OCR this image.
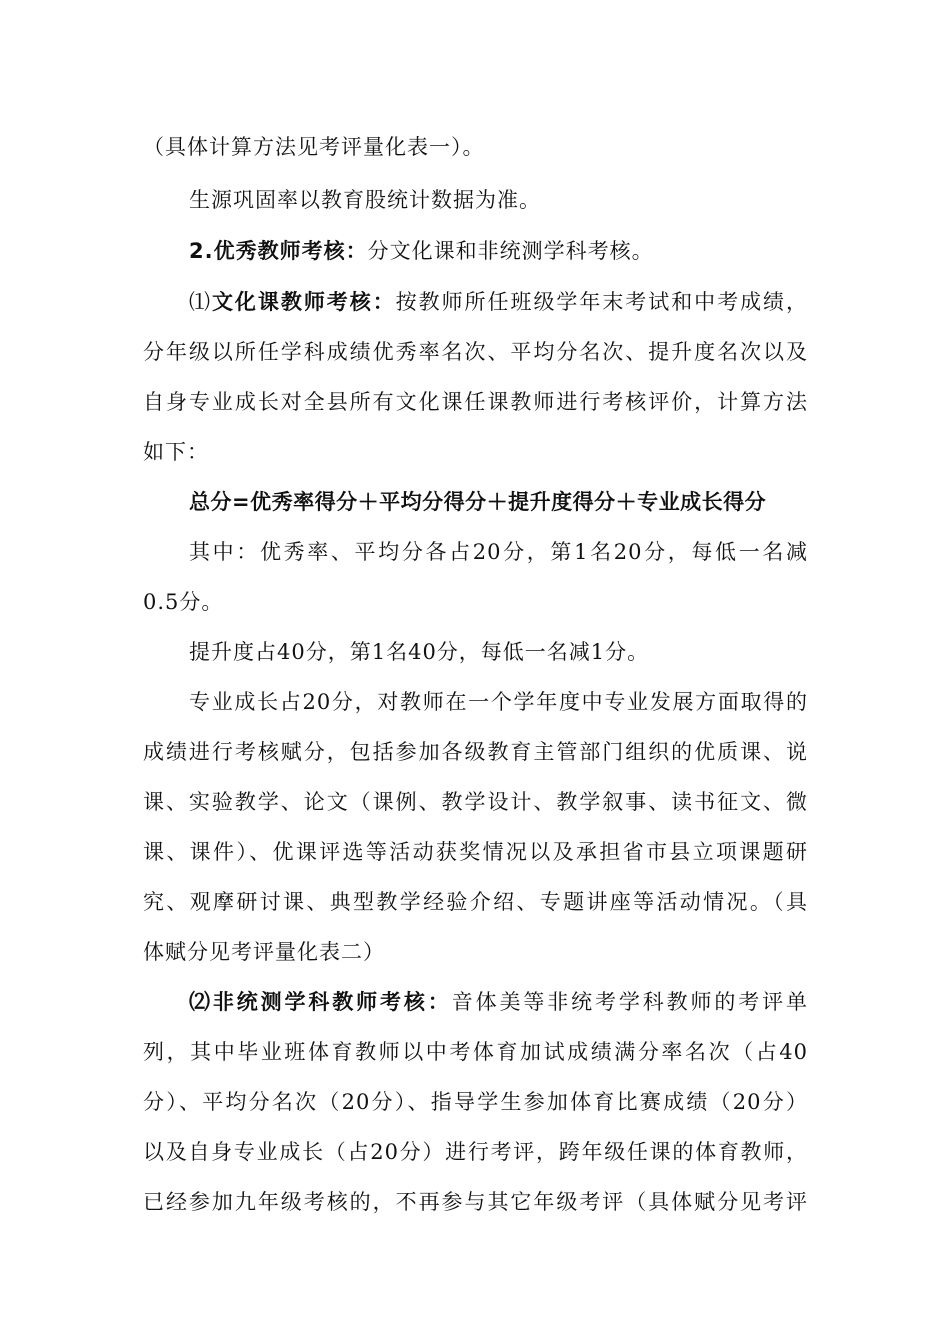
（具体计算方法见考评量化表一）。
生源巩固率以教育股统计数据为准。
2.优秀教师考核：分文化课和非统测学科考核。
⑴文化课教师考核：按教师所任班级学年末考试和中考成绩，
分年级以所任学科成绩优秀率名次、平均分名次、提升度名次以及
自身专业成长对全县所有文化课任课教师进行考核评价，计算方法
如下：
总分=优秀率得分＋平均分得分＋提升度得分＋专业成长得分
其中：优秀率、平均分各占20分，第1名20分，每低一名减
0.5分。
提升度占40分，第1名40分，每低一名减1分。
专业成长占20分，对教师在一个学年度中专业发展方面取得的
成绩进行考核赋分，包括参加各级教育主管部门组织的优质课、说
课、实验教学、论文（课例、教学设计、教学叙事、读书征文、微
课、课件）、优课评选等活动获奖情况以及承担省市县立项课题研
究、观摩研讨课、典型教学经验介绍、专题讲座等活动情况。（具
体赋分见考评量化表二）
⑵非统测学科教师考核：音体美等非统考学科教师的考评单
列，其中毕业班体育教师以中考体育加试成绩满分率名次（占40
分）、平均分名次（20分）、指导学生参加体育比赛成绩（20分）
以及自身专业成长（占20分）进行考评，跨年级任课的体育教师，
已经参加九年级考核的，不再参与其它年级考评（具体赋分见考评
